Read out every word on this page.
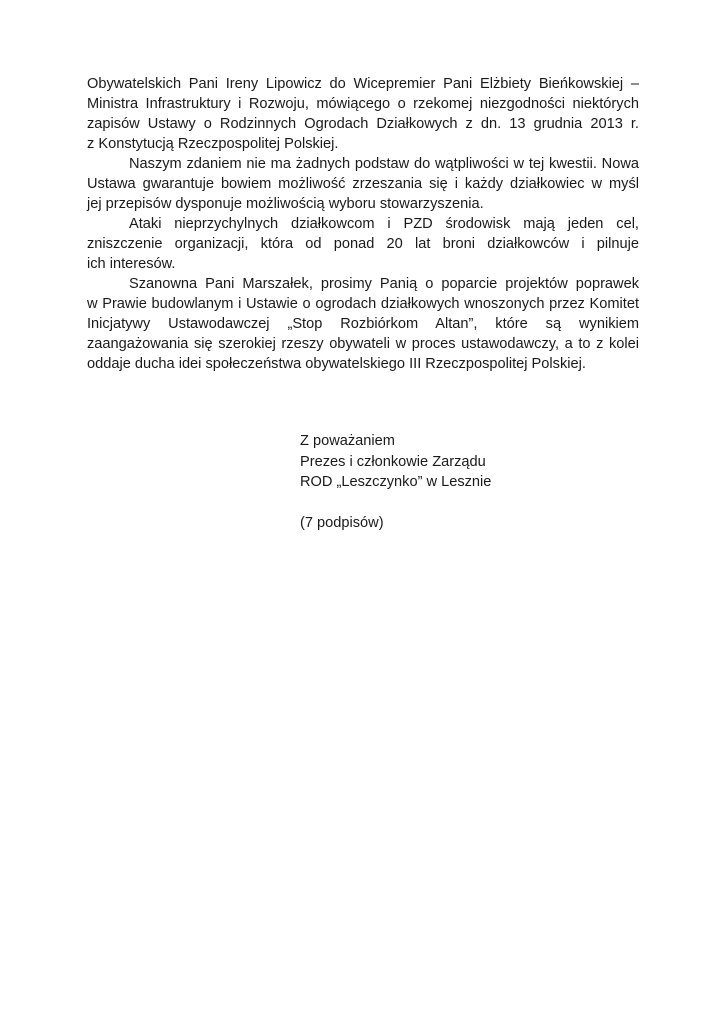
Obywatelskich Pani Ireny Lipowicz do Wicepremier Pani Elżbiety Bieńkowskiej –
Ministra Infrastruktury i Rozwoju, mówiącego o rzekomej niezgodności niektórych
zapisów Ustawy o Rodzinnych Ogrodach Działkowych z dn. 13 grudnia 2013 r.
z Konstytucją Rzeczpospolitej Polskiej.
Naszym zdaniem nie ma żadnych podstaw do wątpliwości w tej kwestii. Nowa
Ustawa gwarantuje bowiem możliwość zrzeszania się i każdy działkowiec w myśl
jej przepisów dysponuje możliwością wyboru stowarzyszenia.
Ataki nieprzychylnych działkowcom i PZD środowisk mają jeden cel,
zniszczenie organizacji, która od ponad 20 lat broni działkowców i pilnuje
ich interesów.
Szanowna Pani Marszałek, prosimy Panią o poparcie projektów poprawek
w Prawie budowlanym i Ustawie o ogrodach działkowych wnoszonych przez Komitet
Inicjatywy Ustawodawczej „Stop Rozbiórkom Altan”, które są wynikiem
zaangażowania się szerokiej rzeszy obywateli w proces ustawodawczy, a to z kolei
oddaje ducha idei społeczeństwa obywatelskiego III Rzeczpospolitej Polskiej.
Z poważaniem
Prezes i członkowie Zarządu
ROD „Leszczynko” w Lesznie
(7 podpisów)
